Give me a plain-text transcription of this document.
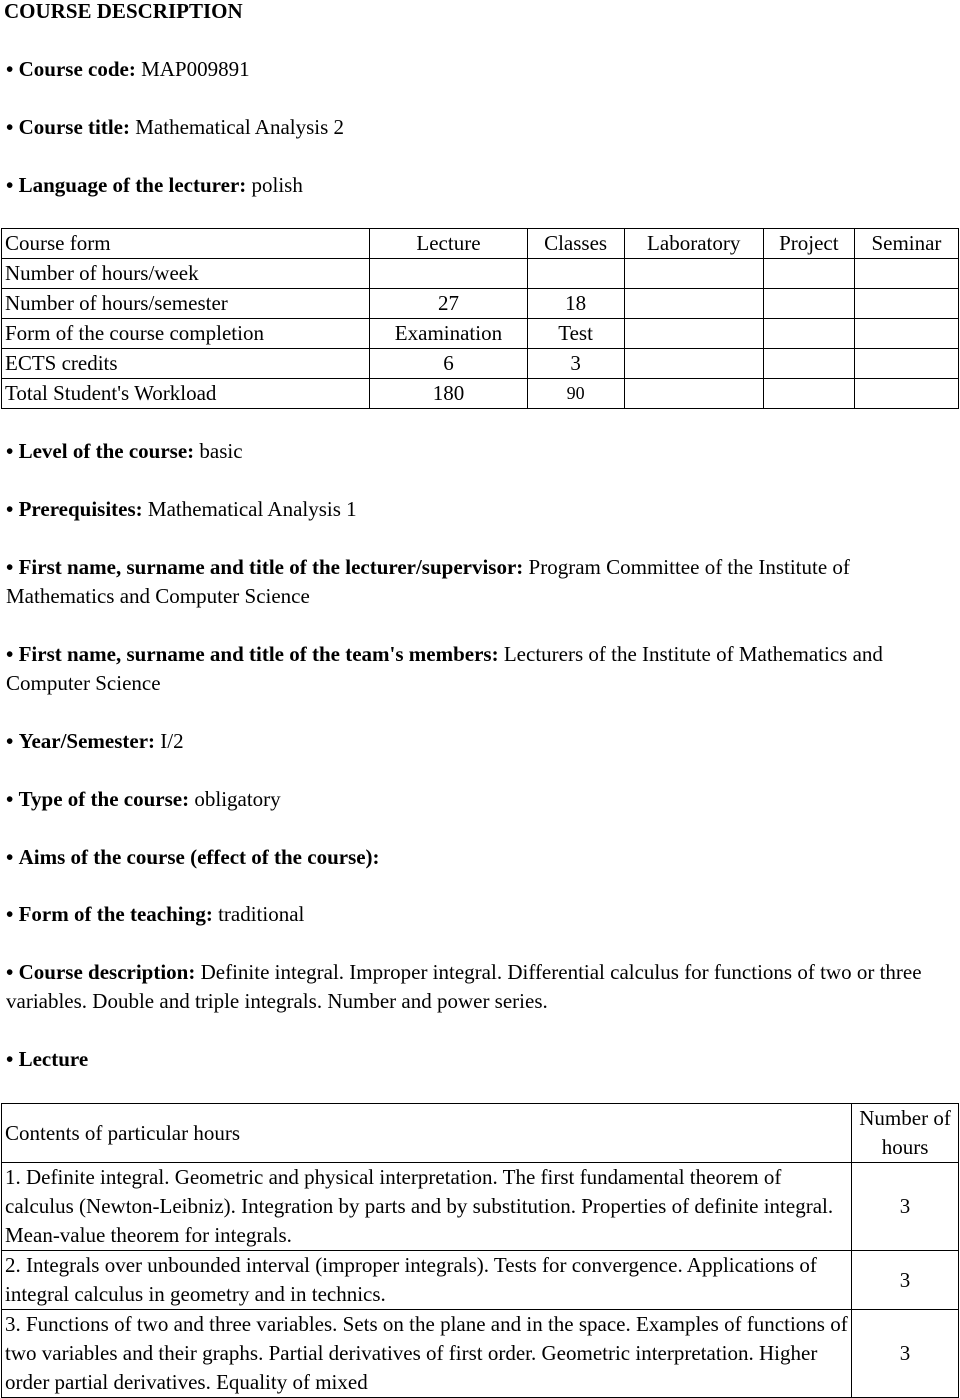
COURSE DESCRIPTION
• Course code: MAP009891
• Course title: Mathematical Analysis 2
• Language of the lecturer: polish
Course form	Lecture	Classes	Laboratory	Project	Seminar
Number of hours/week					
Number of hours/semester	27	18			
Form of the course completion	Examination	Test			
ECTS credits	6	3			
Total Student's Workload	180	90			
• Level of the course: basic
• Prerequisites: Mathematical Analysis 1
• First name, surname and title of the lecturer/supervisor: Program Committee of the Institute of Mathematics and Computer Science
• First name, surname and title of the team's members: Lecturers of the Institute of Mathematics and Computer Science
• Year/Semester: I/2
• Type of the course: obligatory
• Aims of the course (effect of the course):
• Form of the teaching: traditional
• Course description: Definite integral. Improper integral. Differential calculus for functions of two or three variables. Double and triple integrals. Number and power series.
• Lecture
Contents of particular hours	Number of hours
1. Definite integral. Geometric and physical interpretation. The first fundamental theorem of calculus (Newton-Leibniz). Integration by parts and by substitution. Properties of definite integral. Mean-value theorem for integrals.	3
2. Integrals over unbounded interval (improper integrals). Tests for convergence. Applications of integral calculus in geometry and in technics.	3
3. Functions of two and three variables. Sets on the plane and in the space. Examples of functions of two variables and their graphs. Partial derivatives of first order. Geometric interpretation. Higher order partial derivatives. Equality of mixed	3
